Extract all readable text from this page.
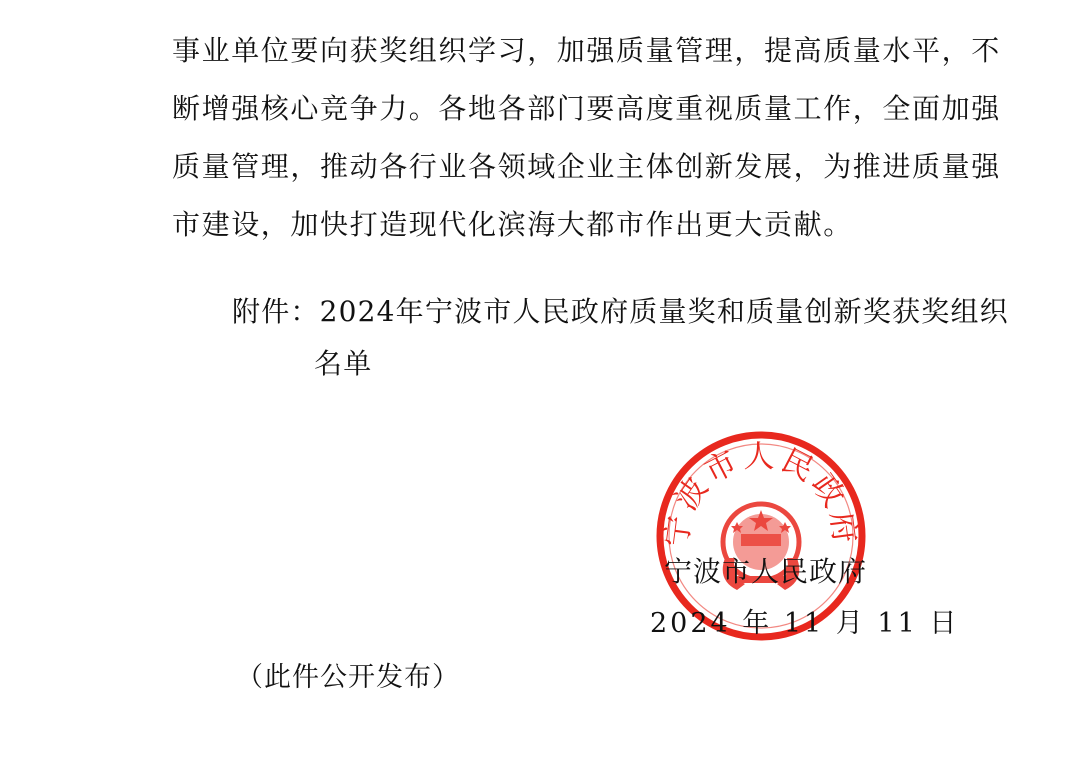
事业单位要向获奖组织学习，加强质量管理，提高质量水平，不
断增强核心竞争力。各地各部门要高度重视质量工作，全面加强
质量管理，推动各行业各领域企业主体创新发展，为推进质量强
市建设，加快打造现代化滨海大都市作出更大贡献。
附件：2024年宁波市人民政府质量奖和质量创新奖获奖组织
名单
宁波市人民政府
宁波市人民政府
2024 年 11 月 11 日
（此件公开发布）
